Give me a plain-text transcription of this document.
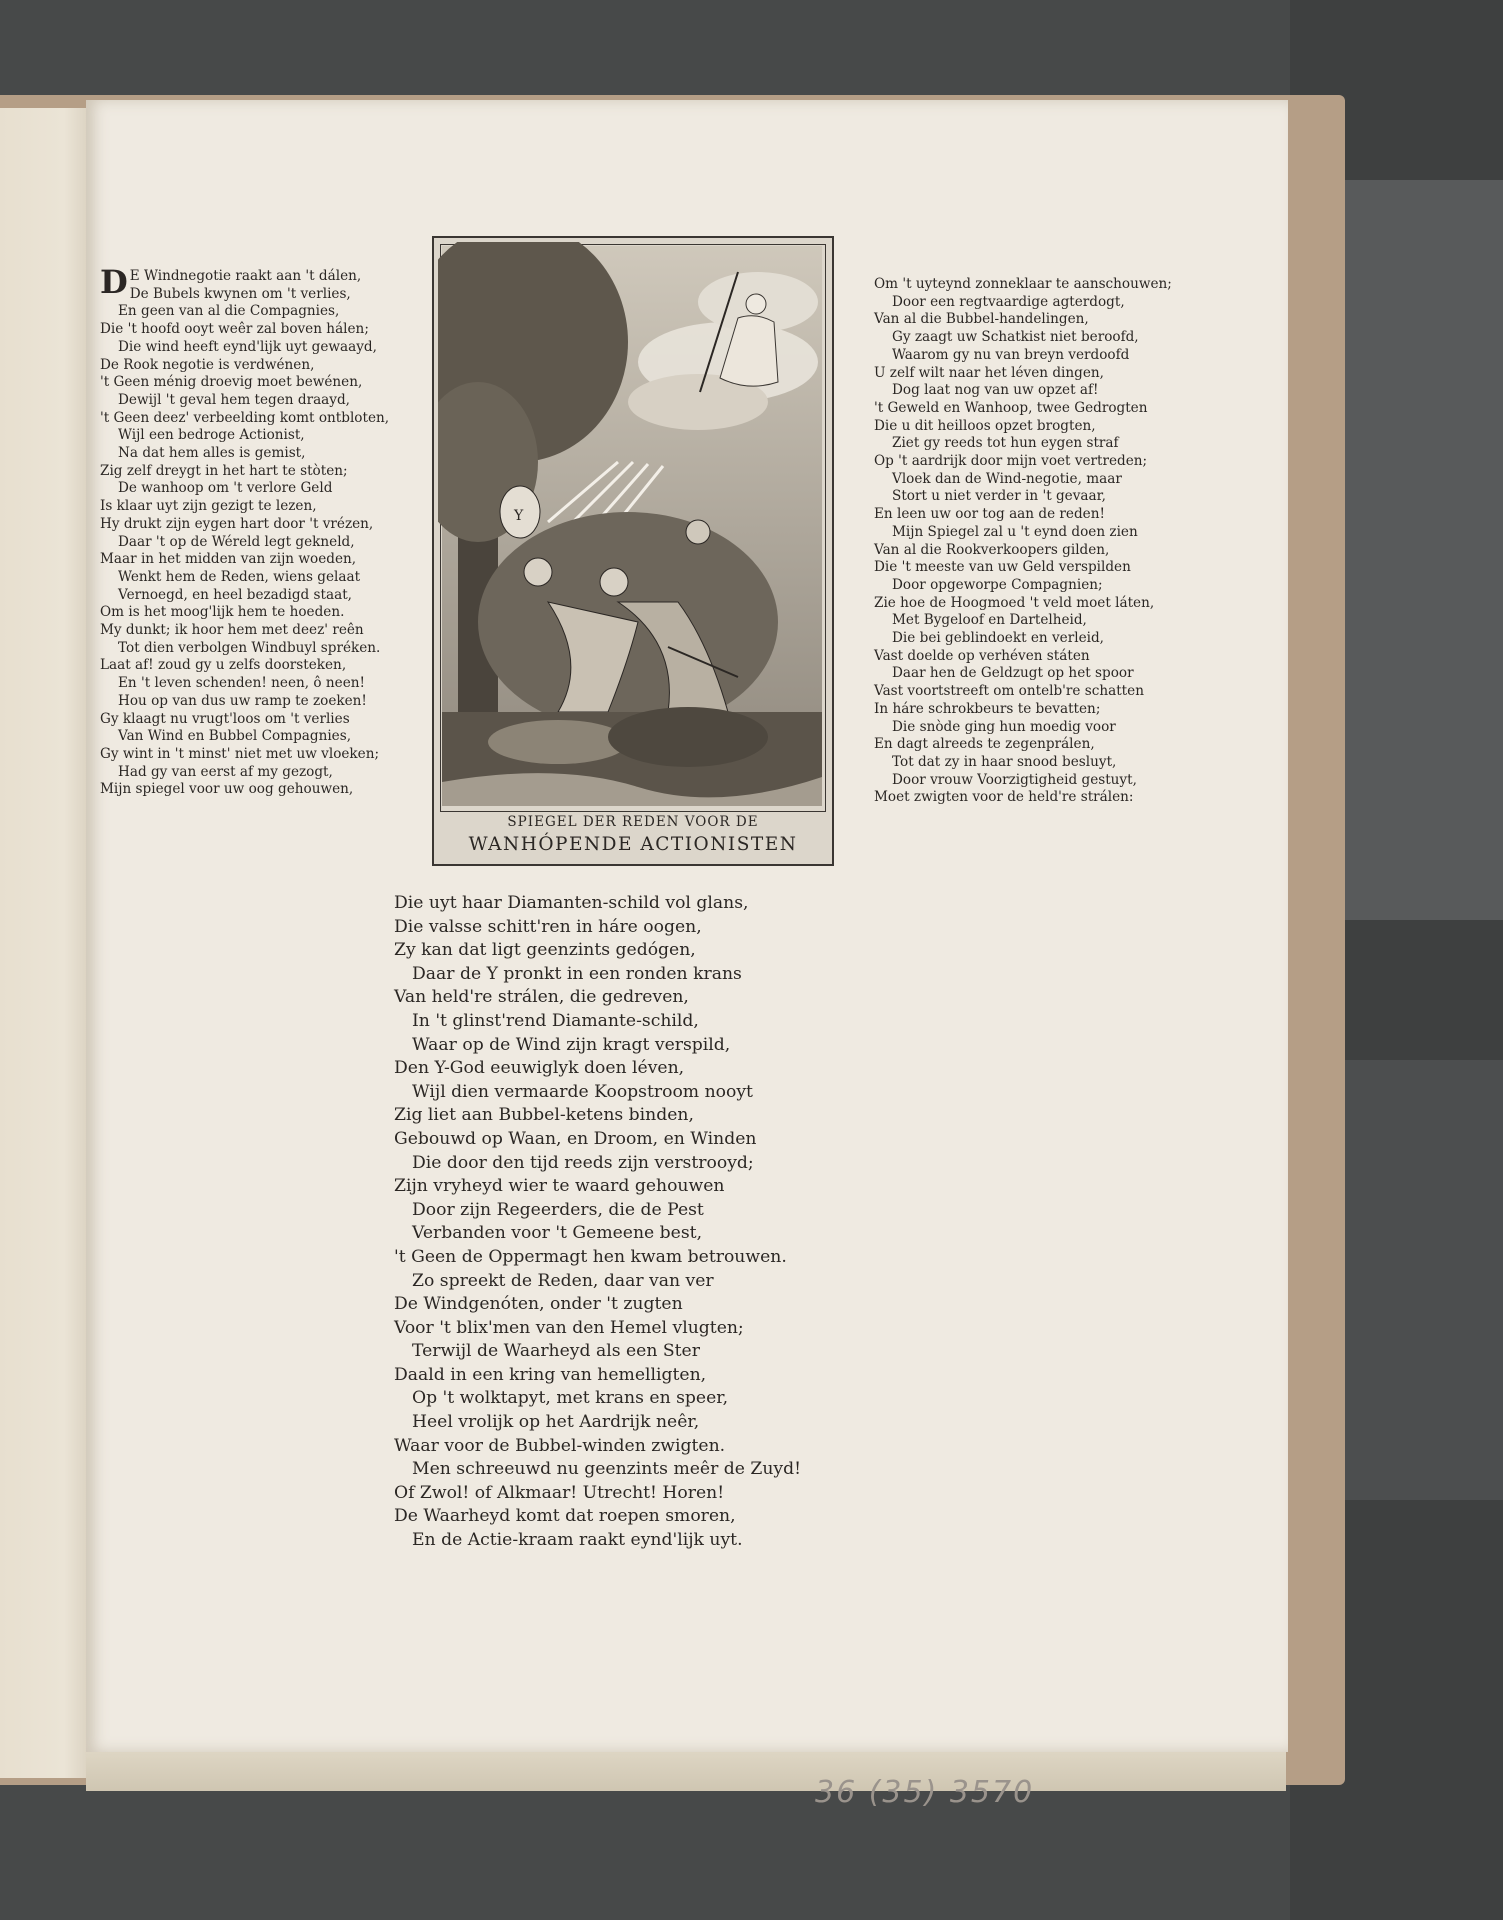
D E Windnegotie raakt aan 't dálen,
De Bubels kwynen om 't verlies,
En geen van al die Compagnies,
Die 't hoofd ooyt weêr zal boven hálen;
Die wind heeft eynd'lijk uyt gewaayd,
De Rook negotie is verdwénen,
't Geen ménig droevig moet bewénen,
Dewijl 't geval hem tegen draayd,
't Geen deez' verbeelding komt ontbloten,
Wijl een bedroge Actionist,
Na dat hem alles is gemist,
Zig zelf dreygt in het hart te stòten;
De wanhoop om 't verlore Geld
Is klaar uyt zijn gezigt te lezen,
Hy drukt zijn eygen hart door 't vrézen,
Daar 't op de Wéreld legt gekneld,
Maar in het midden van zijn woeden,
Wenkt hem de Reden, wiens gelaat
Vernoegd, en heel bezadigd staat,
Om is het moog'lijk hem te hoeden.
My dunkt; ik hoor hem met deez' reên
Tot dien verbolgen Windbuyl spréken.
Laat af! zoud gy u zelfs doorsteken,
En 't leven schenden! neen, ô neen!
Hou op van dus uw ramp te zoeken!
Gy klaagt nu vrugt'loos om 't verlies
Van Wind en Bubbel Compagnies,
Gy wint in 't minst' niet met uw vloeken;
Had gy van eerst af my gezogt,
Mijn spiegel voor uw oog gehouwen,
Om 't uyteynd zonneklaar te aanschouwen;
Door een regtvaardige agterdogt,
Van al die Bubbel-handelingen,
Gy zaagt uw Schatkist niet beroofd,
Waarom gy nu van breyn verdoofd
U zelf wilt naar het léven dingen,
Dog laat nog van uw opzet af!
't Geweld en Wanhoop, twee Gedrogten
Die u dit heilloos opzet brogten,
Ziet gy reeds tot hun eygen straf
Op 't aardrijk door mijn voet vertreden;
Vloek dan de Wind-negotie, maar
Stort u niet verder in 't gevaar,
En leen uw oor tog aan de reden!
Mijn Spiegel zal u 't eynd doen zien
Van al die Rookverkoopers gilden,
Die 't meeste van uw Geld verspilden
Door opgeworpe Compagnien;
Zie hoe de Hoogmoed 't veld moet láten,
Met Bygeloof en Dartelheid,
Die bei geblindoekt en verleid,
Vast doelde op verhéven státen
Daar hen de Geldzugt op het spoor
Vast voortstreeft om ontelb're schatten
In háre schrokbeurs te bevatten;
Die snòde ging hun moedig voor
En dagt alreeds te zegenprálen,
Tot dat zy in haar snood besluyt,
Door vrouw Voorzigtigheid gestuyt,
Moet zwigten voor de held're strálen:
Die uyt haar Diamanten-schild vol glans,
Die valsse schitt'ren in háre oogen,
Zy kan dat ligt geenzints gedógen,
Daar de Y pronkt in een ronden krans
Van held're strálen, die gedreven,
In 't glinst'rend Diamante-schild,
Waar op de Wind zijn kragt verspild,
Den Y-God eeuwiglyk doen léven,
Wijl dien vermaarde Koopstroom nooyt
Zig liet aan Bubbel-ketens binden,
Gebouwd op Waan, en Droom, en Winden
Die door den tijd reeds zijn verstrooyd;
Zijn vryheyd wier te waard gehouwen
Door zijn Regeerders, die de Pest
Verbanden voor 't Gemeene best,
't Geen de Oppermagt hen kwam betrouwen.
Zo spreekt de Reden, daar van ver
De Windgenóten, onder 't zugten
Voor 't blix'men van den Hemel vlugten;
Terwijl de Waarheyd als een Ster
Daald in een kring van hemelligten,
Op 't wolktapyt, met krans en speer,
Heel vrolijk op het Aardrijk neêr,
Waar voor de Bubbel-winden zwigten.
Men schreeuwd nu geenzints meêr de Zuyd!
Of Zwol! of Alkmaar! Utrecht! Horen!
De Waarheyd komt dat roepen smoren,
En de Actie-kraam raakt eynd'lijk uyt.
Y
SPIEGEL DER REDEN VOOR DE
WANHÓPENDE ACTIONISTEN
36 (35) 3570
